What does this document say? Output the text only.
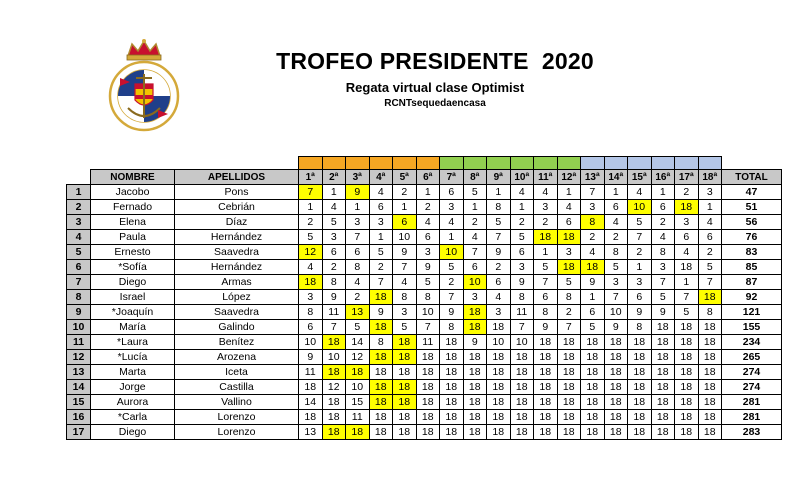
TROFEO PRESIDENTE  2020
Regata virtual clase Optimist
RCNTsequedaencasa

	NOMBRE	APELLIDOS	1ª	2ª	3ª	4ª	5ª	6ª	7ª	8ª	9ª	10ª	11ª	12ª	13ª	14ª	15ª	16ª	17ª	18ª	TOTAL
1	Jacobo	Pons	7	1	9	4	2	1	6	5	1	4	4	1	7	1	4	1	2	3	47
2	Fernado	Cebrián	1	4	1	6	1	2	3	1	8	1	3	4	3	6	10	6	18	1	51
3	Elena	Díaz	2	5	3	3	6	4	4	2	5	2	2	6	8	4	5	2	3	4	56
4	Paula	Hernández	5	3	7	1	10	6	1	4	7	5	18	18	2	2	7	4	6	6	76
5	Ernesto	Saavedra	12	6	6	5	9	3	10	7	9	6	1	3	4	8	2	8	4	2	83
6	*Sofía	Hernández	4	2	8	2	7	9	5	6	2	3	5	18	18	5	1	3	18	5	85
7	Diego	Armas	18	8	4	7	4	5	2	10	6	9	7	5	9	3	3	7	1	7	87
8	Israel	López	3	9	2	18	8	8	7	3	4	8	6	8	1	7	6	5	7	18	92
9	*Joaquín	Saavedra	8	11	13	9	3	10	9	18	3	11	8	2	6	10	9	9	5	8	121
10	María	Galindo	6	7	5	18	5	7	8	18	18	7	9	7	5	9	8	18	18	18	155
11	*Laura	Benítez	10	18	14	8	18	11	18	9	10	10	18	18	18	18	18	18	18	18	234
12	*Lucía	Arozena	9	10	12	18	18	18	18	18	18	18	18	18	18	18	18	18	18	18	265
13	Marta	Iceta	11	18	18	18	18	18	18	18	18	18	18	18	18	18	18	18	18	18	274
14	Jorge	Castilla	18	12	10	18	18	18	18	18	18	18	18	18	18	18	18	18	18	18	274
15	Aurora	Vallino	14	18	15	18	18	18	18	18	18	18	18	18	18	18	18	18	18	18	281
16	*Carla	Lorenzo	18	18	11	18	18	18	18	18	18	18	18	18	18	18	18	18	18	18	281
17	Diego	Lorenzo	13	18	18	18	18	18	18	18	18	18	18	18	18	18	18	18	18	18	283
